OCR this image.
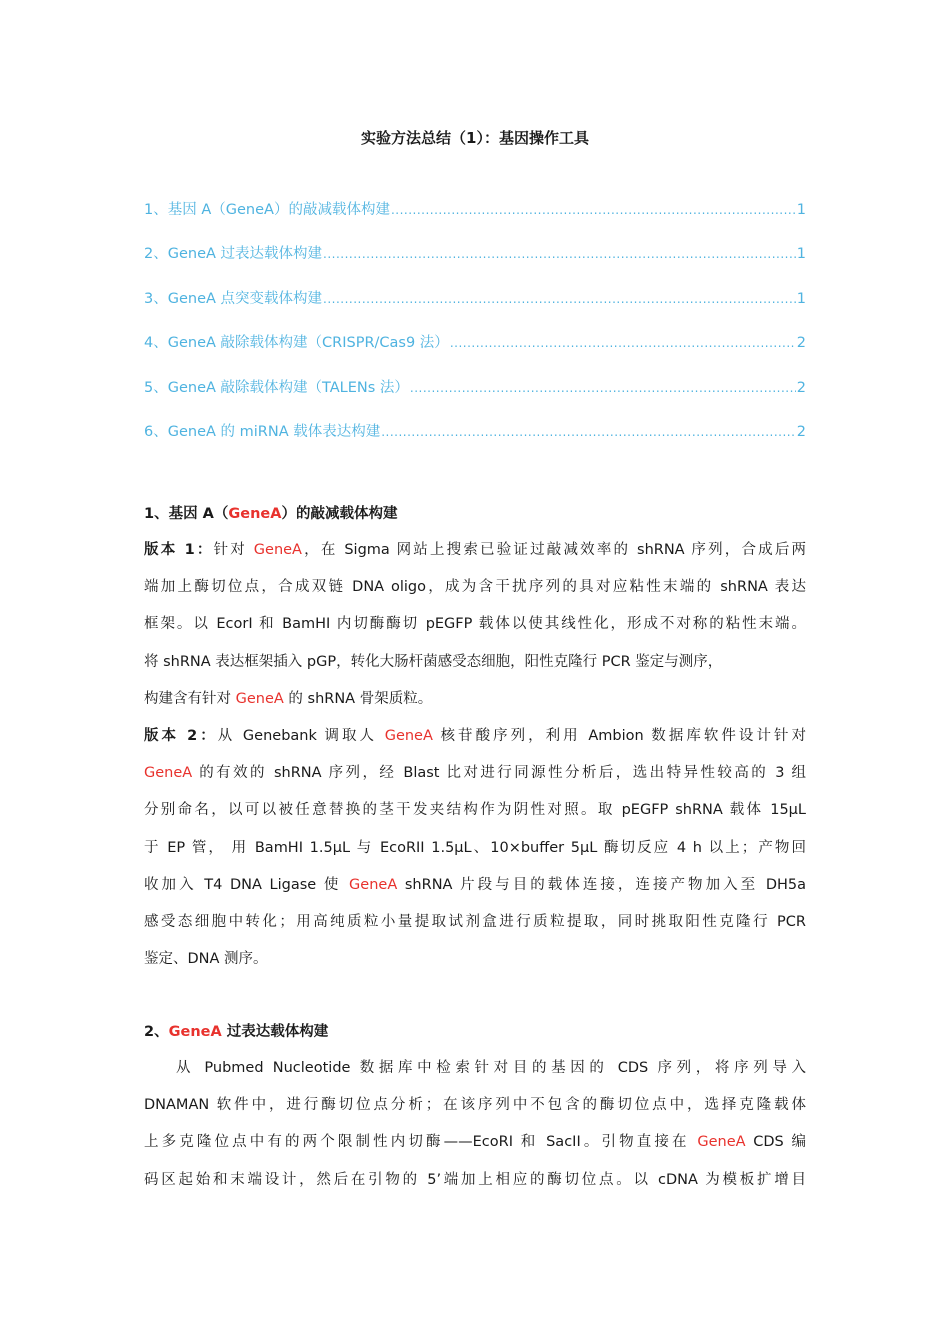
实验方法总结（1）：基因操作工具
1、基因 A（GeneA）的敲减载体构建 .....	1
2、GeneA 过表达载体构建 .....	1
3、GeneA 点突变载体构建 .....	1
4、GeneA 敲除载体构建（CRISPR/Cas9 法） .....	2
5、GeneA 敲除载体构建（TALENs 法） .....	2
6、GeneA 的 miRNA 载体表达构建 .....	2
1、基因 A（GeneA）的敲减载体构建
版本 1：针对 GeneA，在 Sigma 网站上搜索已验证过敲减效率的 shRNA 序列，合成后两
端加上酶切位点，合成双链 DNA oligo，成为含干扰序列的具对应粘性末端的 shRNA 表达
框架。以 EcorI 和 BamHI 内切酶酶切 pEGFP 载体以使其线性化，形成不对称的粘性末端。
将 shRNA 表达框架插入 pGP，转化大肠杆菌感受态细胞，阳性克隆行 PCR 鉴定与测序，
构建含有针对 GeneA 的 shRNA 骨架质粒。
版本 2：从 Genebank 调取人 GeneA 核苷酸序列，利用 Ambion 数据库软件设计针对
GeneA 的有效的 shRNA 序列，经 Blast 比对进行同源性分析后，选出特异性较高的 3 组
分别命名，以可以被任意替换的茎干发夹结构作为阴性对照。取 pEGFP shRNA 载体 15μL
于 EP 管， 用 BamHI 1.5μL 与 EcoRII 1.5μL、10×buffer 5μL 酶切反应 4 h 以上；产物回
收加入 T4 DNA Ligase 使 GeneA shRNA 片段与目的载体连接，连接产物加入至 DH5a
感受态细胞中转化；用高纯质粒小量提取试剂盒进行质粒提取，同时挑取阳性克隆行 PCR
鉴定、DNA 测序。
2、GeneA 过表达载体构建
从 Pubmed Nucleotide 数据库中检索针对目的基因的 CDS 序列，将序列导入
DNAMAN 软件中，进行酶切位点分析；在该序列中不包含的酶切位点中，选择克隆载体
上多克隆位点中有的两个限制性内切酶——EcoRI 和 SacII。引物直接在 GeneA CDS 编
码区起始和末端设计，然后在引物的 5’端加上相应的酶切位点。以 cDNA 为模板扩增目
